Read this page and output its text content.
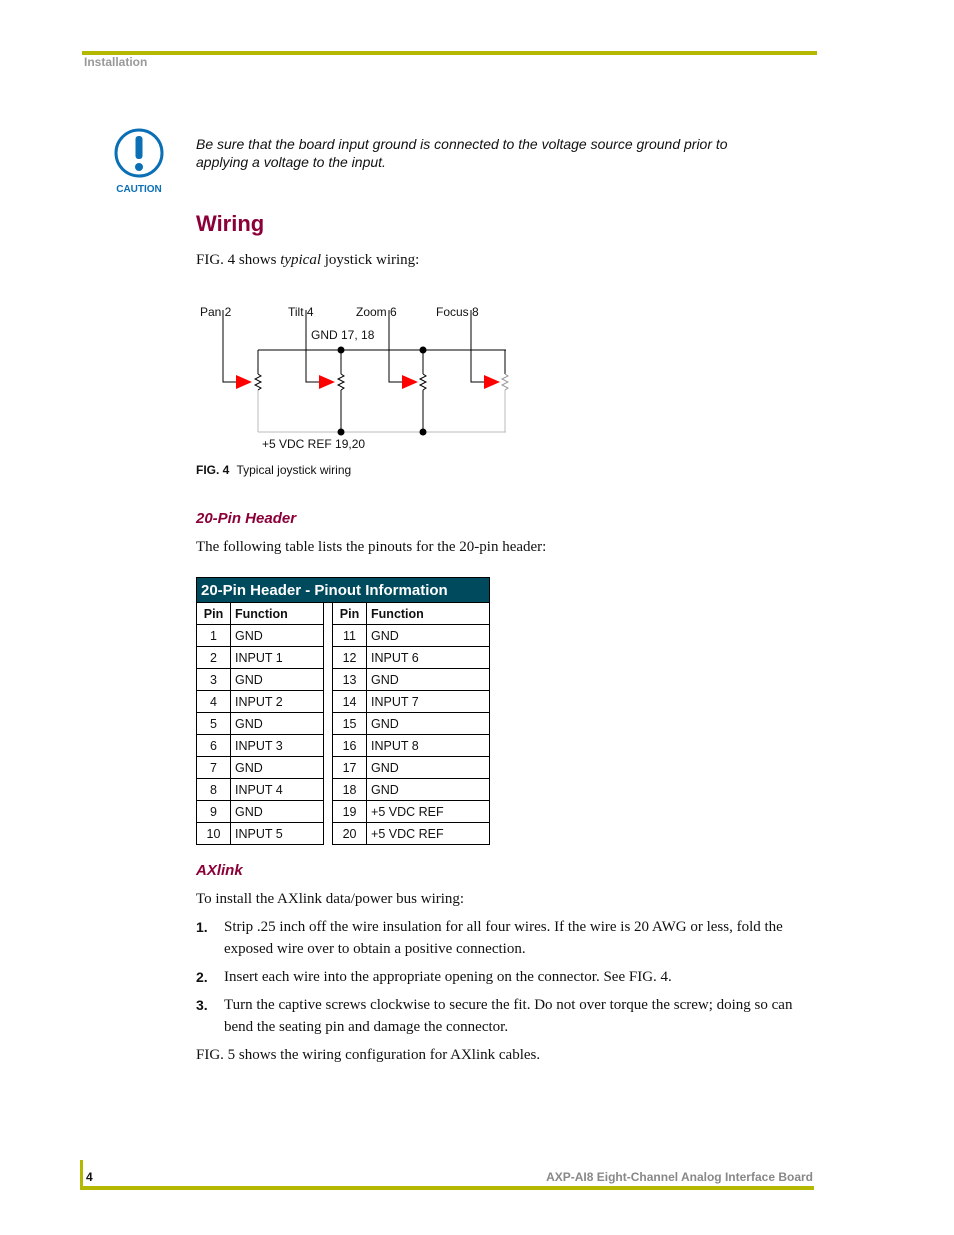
Installation
CAUTION
Be sure that the board input ground is connected to the voltage source ground prior to applying a voltage to the input.
Wiring
FIG. 4 shows typical joystick wiring:
Pan 2	Tilt 4	Zoom 6	Focus 8
GND 17, 18
+5 VDC REF 19,20
FIG. 4 Typical joystick wiring
20-Pin Header
The following table lists the pinouts for the 20-pin header:
20-Pin Header - Pinout Information				
Pin	Function		Pin	Function
1	GND		11	GND
2	INPUT 1		12	INPUT 6
3	GND		13	GND
4	INPUT 2		14	INPUT 7
5	GND		15	GND
6	INPUT 3		16	INPUT 8
7	GND		17	GND
8	INPUT 4		18	GND
9	GND		19	+5 VDC REF
10	INPUT 5		20	+5 VDC REF
AXlink
To install the AXlink data/power bus wiring:
1. Strip .25 inch off the wire insulation for all four wires. If the wire is 20 AWG or less, fold the exposed wire over to obtain a positive connection.
2. Insert each wire into the appropriate opening on the connector. See FIG. 4.
3. Turn the captive screws clockwise to secure the fit. Do not over torque the screw; doing so can bend the seating pin and damage the connector.
FIG. 5 shows the wiring configuration for AXlink cables.
4	AXP-AI8 Eight-Channel Analog Interface Board
